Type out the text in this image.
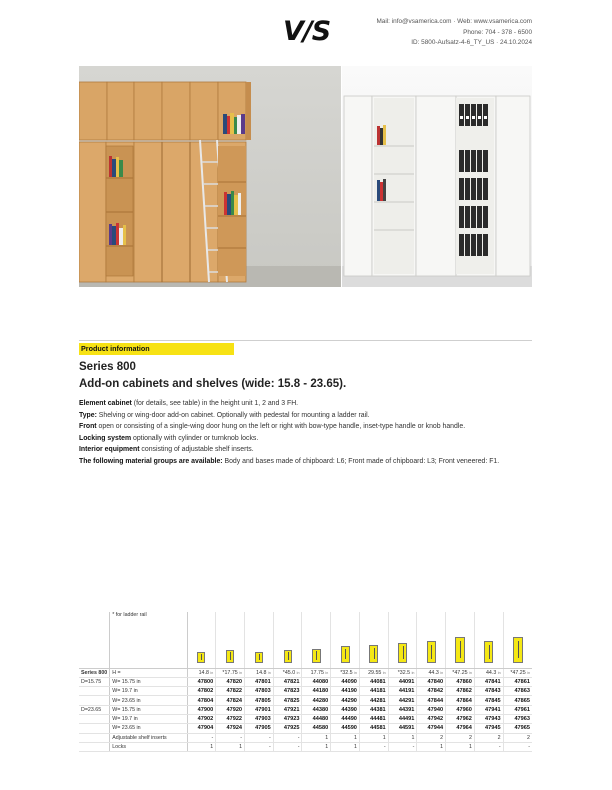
V/S	Mail: info@vsamerica.com · Web: www.vsamerica.com
Phone: 704 - 378 - 6500
ID: 5800-Aufsatz-4-6_TY_US · 24.10.2024
Product information
Series 800
Add-on cabinets and shelves (wide: 15.8 - 23.65).
Element cabinet (for details, see table) in the height unit 1, 2 and 3 FH.
Type: Shelving or wing-door add-on cabinet. Optionally with pedestal for mounting a ladder rail.
Front open or consisting of a single-wing door hung on the left or right with bow-type handle, inset-type handle or knob handle.
Locking system optionally with cylinder or turnknob locks.
Interior equipment consisting of adjustable shelf inserts.
The following material groups are available: Body and bases made of chipboard: L6; Front made of chipboard: L3; Front veneered: F1.
	* for ladder rail												
Series 800	H =	14.8 in	*17.75 in	14.8 in	*45.0 in	17.75 in	*32.5 in	29.55 in	*32.5 in	44.3 in	*47.25 in	44.3 in	*47.25 in
D=15.75	W= 15.75 in	47800	47820	47801	47821	44080	44090	44081	44091	47840	47860	47841	47861
	W= 19.7 in	47802	47822	47803	47823	44180	44190	44181	44191	47842	47862	47843	47863
	W= 23.65 in	47804	47824	47805	47825	44280	44290	44281	44291	47844	47864	47845	47865
D=23.65	W= 15.75 in	47900	47920	47901	47921	44380	44390	44381	44391	47940	47960	47941	47961
	W= 19.7 in	47902	47922	47903	47923	44480	44490	44481	44491	47942	47962	47943	47963
	W= 23.65 in	47904	47924	47905	47925	44580	44590	44581	44591	47944	47964	47945	47965
	Adjustable shelf inserts	-	-	-	-	1	1	1	1	2	2	2	2
	Locks	1	1	-	-	1	1	-	-	1	1	-	-
